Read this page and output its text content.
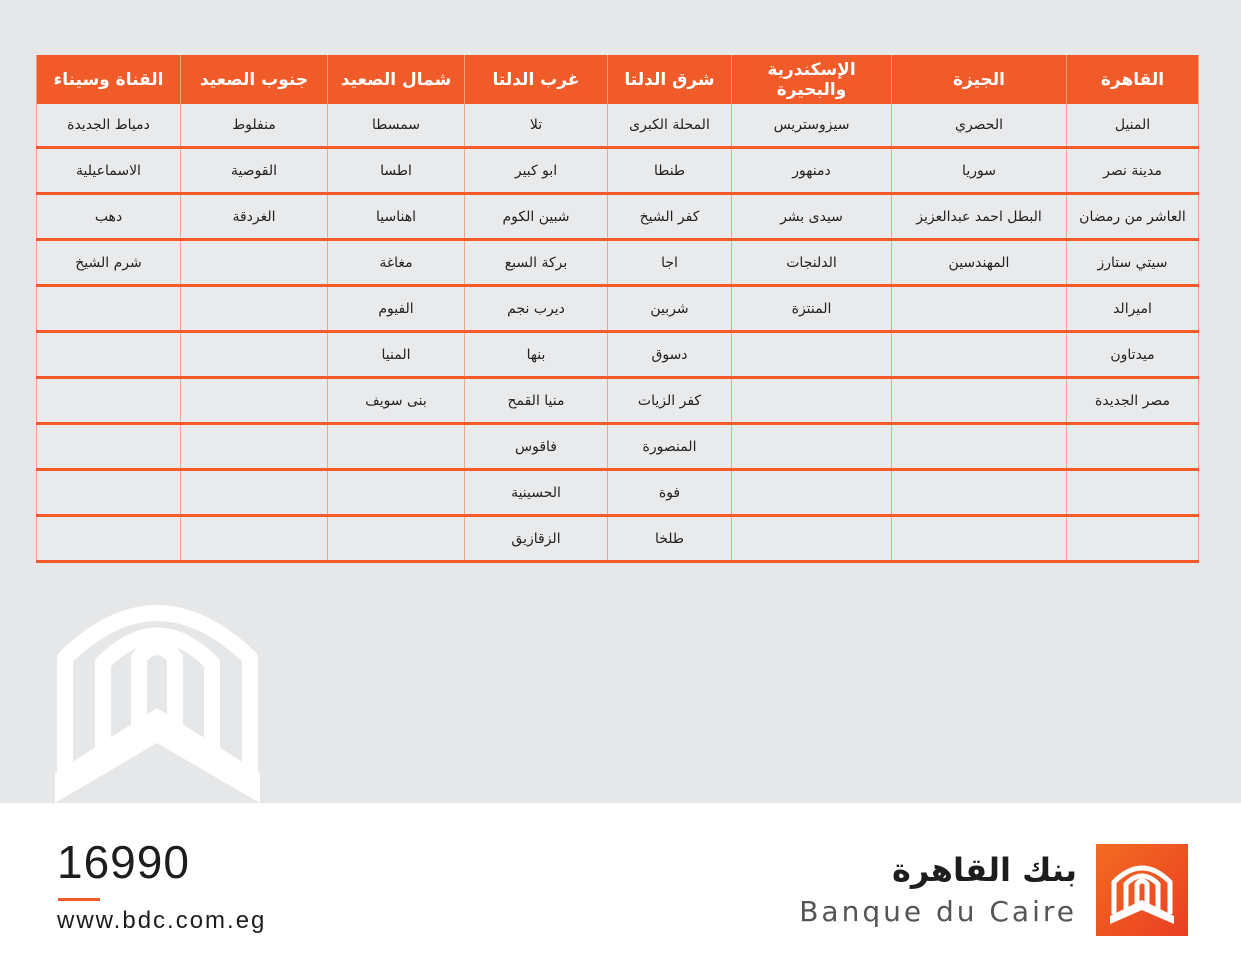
القاهرة	الجيزة	الإسكندرية والبحيرة	شرق الدلتا	غرب الدلتا	شمال الصعيد	جنوب الصعيد	القناة وسيناء
المنيل	الحصري	سيزوستريس	المحلة الكبرى	تلا	سمسطا	منفلوط	دمياط الجديدة
مدينة نصر	سوريا	دمنهور	طنطا	ابو كبير	اطسا	القوصية	الاسماعيلية
العاشر من رمضان	البطل احمد عبدالعزيز	سيدى بشر	كفر الشيخ	شبين الكوم	اهناسيا	الغردقة	دهب
سيتي ستارز	المهندسين	الدلنجات	اجا	بركة السبع	مغاغة		شرم الشيخ
اميرالد		المنتزة	شربين	ديرب نجم	الفيوم		
ميدتاون			دسوق	بنها	المنيا		
مصر الجديدة			كفر الزيات	منيا القمح	بنى سويف		
			المنصورة	فاقوس			
			فوة	الحسينية			
			طلخا	الزقازيق			
16990
www.bdc.com.eg
بنك القاهرة
Banque du Caire
